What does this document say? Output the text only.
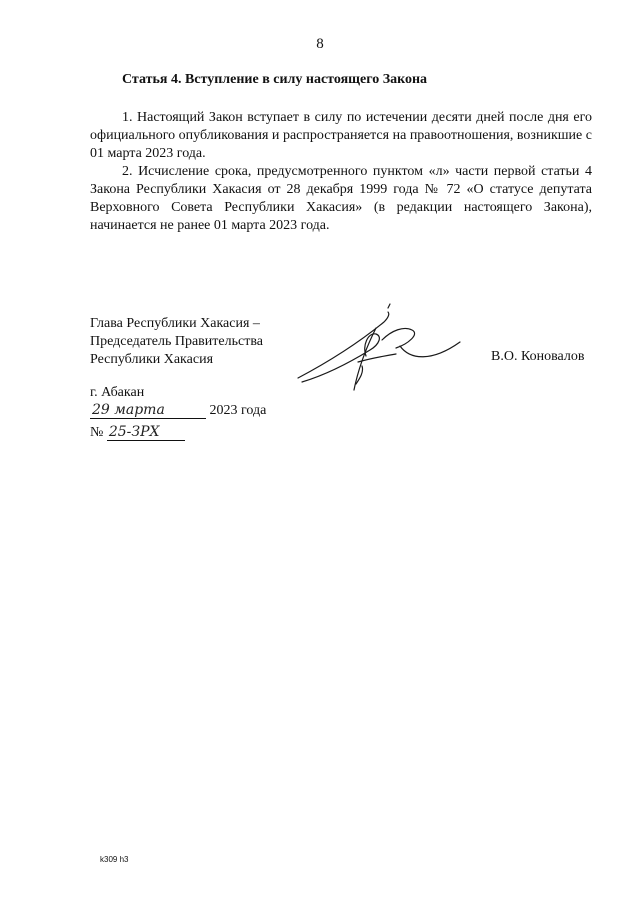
8
Статья 4. Вступление в силу настоящего Закона

1. Настоящий Закон вступает в силу по истечении десяти дней после дня его официального опубликования и распространяется на правоотношения, возникшие с 01 марта 2023 года.

2. Исчисление срока, предусмотренного пунктом «л» части первой статьи 4 Закона Республики Хакасия от 28 декабря 1999 года № 72 «О статусе депутата Верховного Совета Республики Хакасия» (в редакции настоящего Закона), начинается не ранее 01 марта 2023 года.

Глава Республики Хакасия –
Председатель Правительства
Республики Хакасия	В.О. Коновалов
г. Абакан
29 марта	2023 года
№ 25-ЗРХ
k309 h3
